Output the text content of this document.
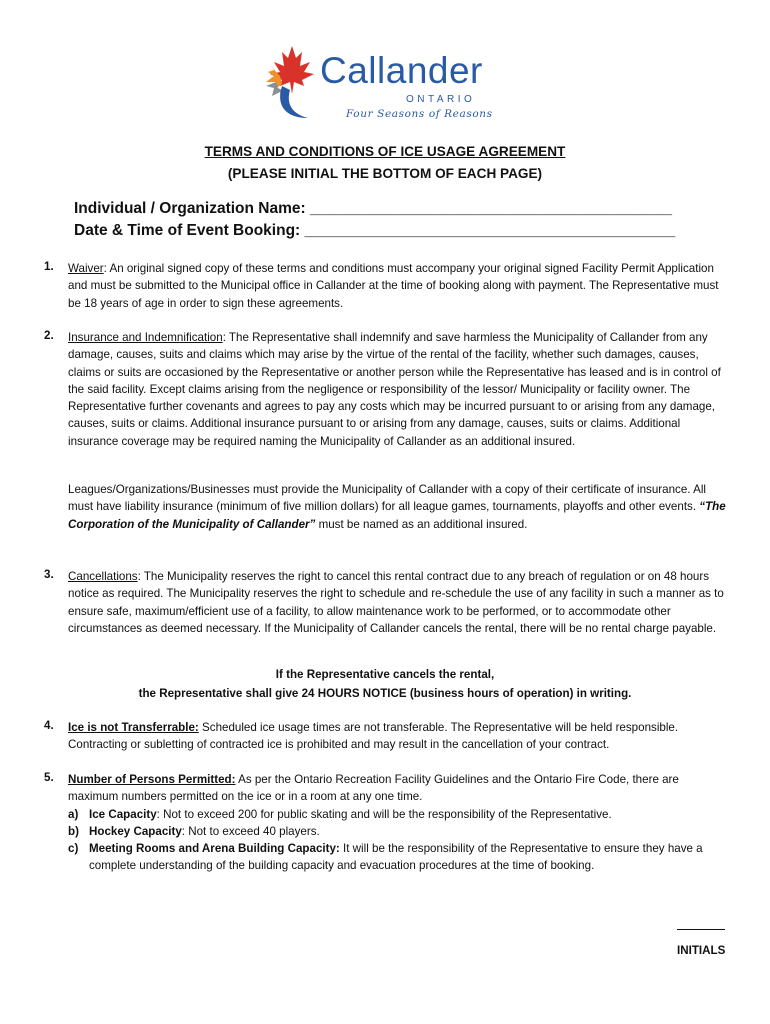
Callander
ONTARIO
Four Seasons of Reasons
TERMS AND CONDITIONS OF ICE USAGE AGREEMENT
(PLEASE INITIAL THE BOTTOM OF EACH PAGE)
Individual / Organization Name: __________________________________________
Date & Time of Event Booking: ___________________________________________
1. Waiver: An original signed copy of these terms and conditions must accompany your original signed Facility Permit Application and must be submitted to the Municipal office in Callander at the time of booking along with payment. The Representative must be 18 years of age in order to sign these agreements.

2. Insurance and Indemnification: The Representative shall indemnify and save harmless the Municipality of Callander from any damage, causes, suits and claims which may arise by the virtue of the rental of the facility, whether such damages, causes, claims or suits are occasioned by the Representative or another person while the Representative has leased and is in control of the said facility. Except claims arising from the negligence or responsibility of the lessor/ Municipality or facility owner. The Representative further covenants and agrees to pay any costs which may be incurred pursuant to or arising from any damage, causes, suits or claims. Additional insurance pursuant to or arising from any damage, causes, suits or claims. Additional insurance coverage may be required naming the Municipality of Callander as an additional insured.

Leagues/Organizations/Businesses must provide the Municipality of Callander with a copy of their certificate of insurance. All must have liability insurance (minimum of five million dollars) for all league games, tournaments, playoffs and other events. “The Corporation of the Municipality of Callander” must be named as an additional insured.

3. Cancellations: The Municipality reserves the right to cancel this rental contract due to any breach of regulation or on 48 hours notice as required. The Municipality reserves the right to schedule and re-schedule the use of any facility in such a manner as to ensure safe, maximum/efficient use of a facility, to allow maintenance work to be performed, or to accommodate other circumstances as deemed necessary. If the Municipality of Callander cancels the rental, there will be no rental charge payable.

If the Representative cancels the rental,
the Representative shall give 24 HOURS NOTICE (business hours of operation) in writing.
4. Ice is not Transferrable: Scheduled ice usage times are not transferable. The Representative will be held responsible. Contracting or subletting of contracted ice is prohibited and may result in the cancellation of your contract.

5. Number of Persons Permitted: As per the Ontario Recreation Facility Guidelines and the Ontario Fire Code, there are maximum numbers permitted on the ice or in a room at any one time.

a) Ice Capacity: Not to exceed 200 for public skating and will be the responsibility of the Representative.
b) Hockey Capacity: Not to exceed 40 players.
c) Meeting Rooms and Arena Building Capacity: It will be the responsibility of the Representative to ensure they have a complete understanding of the building capacity and evacuation procedures at the time of booking.
INITIALS
